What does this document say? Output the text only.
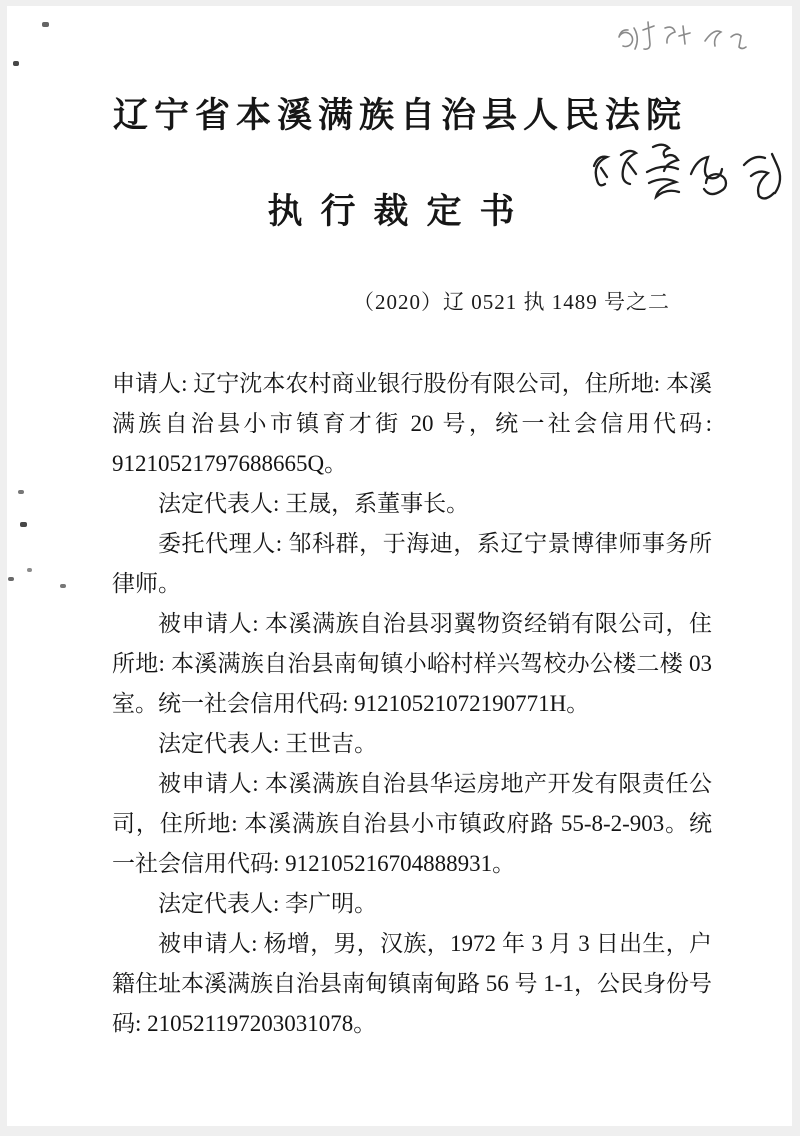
辽宁省本溪满族自治县人民法院
执行裁定书
（2020）辽 0521 执 1489 号之二

申请人: 辽宁沈本农村商业银行股份有限公司，住所地: 本溪满族自治县小市镇育才街 20 号，统一社会信用代码: 91210521797688665Q。

法定代表人: 王晟，系董事长。

委托代理人: 邹科群，于海迪，系辽宁景博律师事务所律师。

被申请人: 本溪满族自治县羽翼物资经销有限公司，住所地: 本溪满族自治县南甸镇小峪村样兴驾校办公楼二楼 03 室。统一社会信用代码: 91210521072190771H。

法定代表人: 王世吉。

被申请人: 本溪满族自治县华运房地产开发有限责任公司，住所地: 本溪满族自治县小市镇政府路 55-8-2-903。统一社会信用代码: 912105216704888931。

法定代表人: 李广明。

被申请人: 杨增，男，汉族，1972 年 3 月 3 日出生，户籍住址本溪满族自治县南甸镇南甸路 56 号 1-1，公民身份号码: 210521197203031078。
